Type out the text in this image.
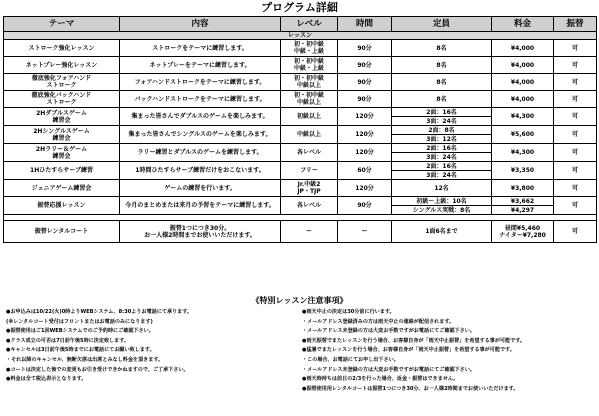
プログラム詳細
テーマ	内容	レベル	時間	定員	料金	振替
レッスン						
ストローク強化レッスン	ストロークをテーマに練習します。	初・初中級
中級・上級	90分	8名	¥4,000	可
ネットプレー強化レッスン	ネットプレーをテーマに練習します。	初・初中級
中級・上級	90分	8名	¥4,000	可
徹底強化フォアハンド
ストローク	フォアハンドストロークをテーマに練習します。	初・初中級
中級以上	90分	8名	¥4,000	可
徹底強化バックハンド
ストローク	バックハンドストロークをテーマに練習します。	初・初中級
中級以上	90分	8名	¥4,000	可
2Hダブルスゲーム
練習会	集まった皆さんでダブルスのゲームを楽しみます。	初級以上	120分	2面：16名	¥4,300	可
				3面：24名		
2Hシングルスゲーム
練習会	集まった皆さんでシングルスのゲームを楽しみます。	中級以上	120分	2面：8名	¥5,600	可
				3面：12名		
2Hラリー＆ゲーム
練習会	ラリー練習とダブルスのゲームを練習します。	各レベル	120分	2面：16名	¥4,300	可
				3面：24名		
1Hひたすらサーブ練習	1時間ひたすらサーブ練習だけをおこないます。	フリー	60分	2面：16名	¥3,350	可
				3面：24名		
ジュニアゲーム練習会	ゲームの練習を行います。	Jr.中級2
JP・TJP	120分	12名	¥3,800	可
振替応援レッスン	今月のまとめまたは来月の予習をテーマに練習します。	各レベル	90分	初級～上級：10名	¥3,662	可
				シングルス実戦：8名	¥4,297	

振替レンタルコート	振替1つにつき30分。
お一人様2時間までお使いいただけます。	ー	ー	1面6名まで	昼間¥5,460
ナイター¥7,280	可
《特別レッスン注意事項》
●お申込みは10/22(火)0時よりWEBシステム、8:30よりお電話にて承ります。
(※レンタルコート受付はフロントまたはお電話のみになります)
●振替使用はご1回WEBシステムでのご予約時にご確認下さい。
●クラス成立の可否は7日前午後5時に決定致します。
●キャンセルは3日前午後5時までにお電話にてお願い致します。
・それ以降のキャンセル、無断欠席は出席とみなし料金を頂きます。
●コートは決定した後での変更もお引き受けできかねますので、ご了承下さい。
●料金は全て税込表示となります。
●雨天中止の決定は30分前に行います。
・メールアドレス登録済みの方は雨天中止の連絡が配信されます。
・メールアドレス未登録の方は大変お手数ですがお電話にてご確認下さい。
●雨天振替でまたレッスンを行う場合、お客様自身が「雨天中止振替」を希望する事が可能です。
●猛暑でまたレッスンを行う場合、お客様自身が「雨天中止振替」を希望する事が可能です。
・この場合、お電話にてお申し出下さい。
・メールアドレス未登録の方は大変お手数ですがお電話にてご確認下さい。
●雨天時持ちは前日の2/3を行った場合、返金・振替はできません。
●振替使用用レンタルコートは振替1つにつき30分、お一人様2時間までお使いいただけます。
